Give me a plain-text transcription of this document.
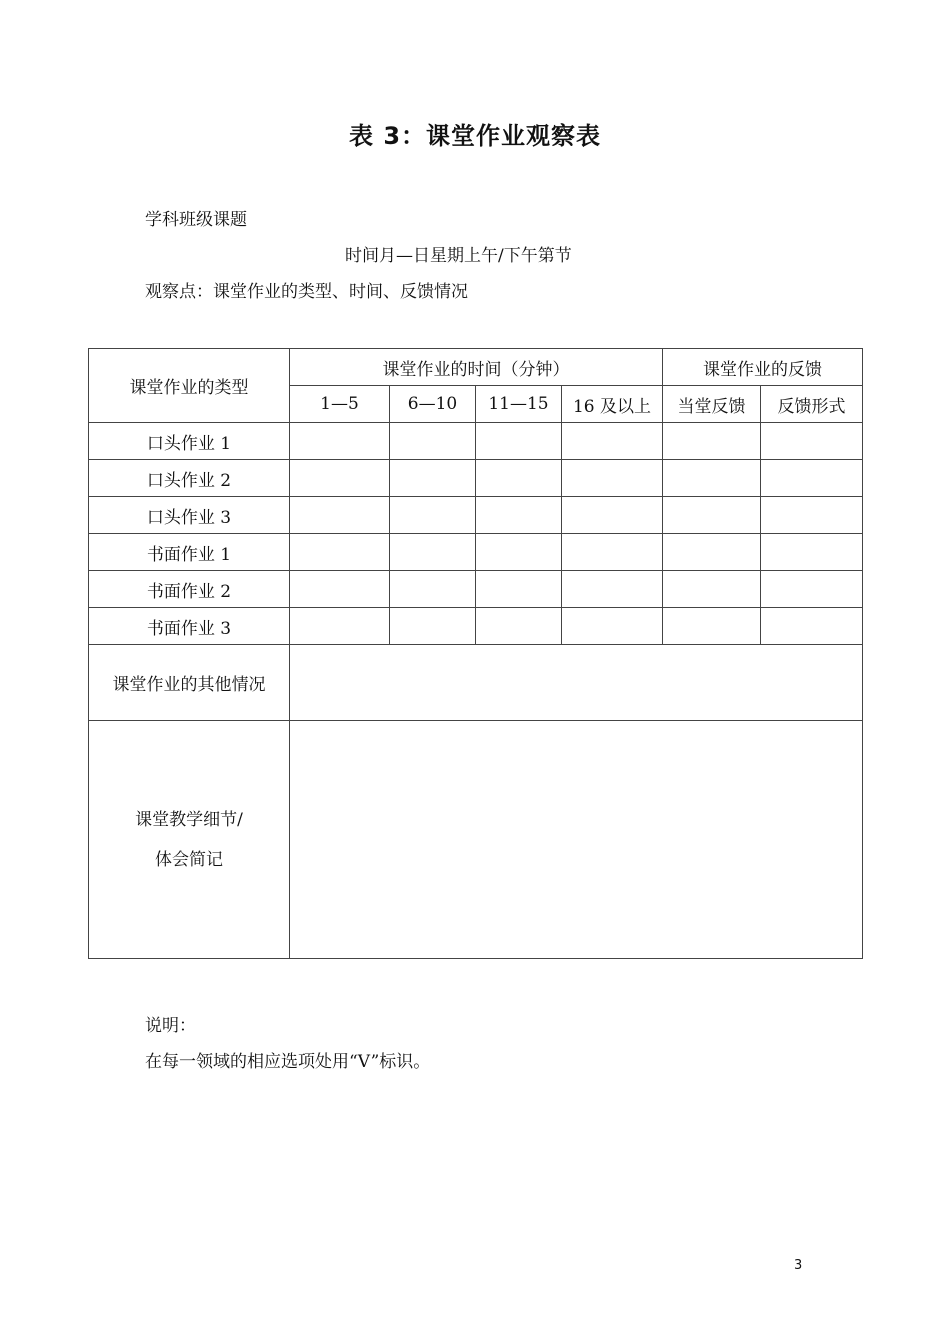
表 3：课堂作业观察表
学科班级课题
时间月—日星期上午/下午第节
观察点：课堂作业的类型、时间、反馈情况
课堂作业的类型	课堂作业的时间（分钟）				课堂作业的反馈	
	1—5	6—10	11—15	16 及以上	当堂反馈	反馈形式
口头作业 1						
口头作业 2						
口头作业 3						
书面作业 1						
书面作业 2						
书面作业 3						
课堂作业的其他情况						

课堂教学细节/
体会简记						

说明：
在每一领域的相应选项处用“V”标识。
3
